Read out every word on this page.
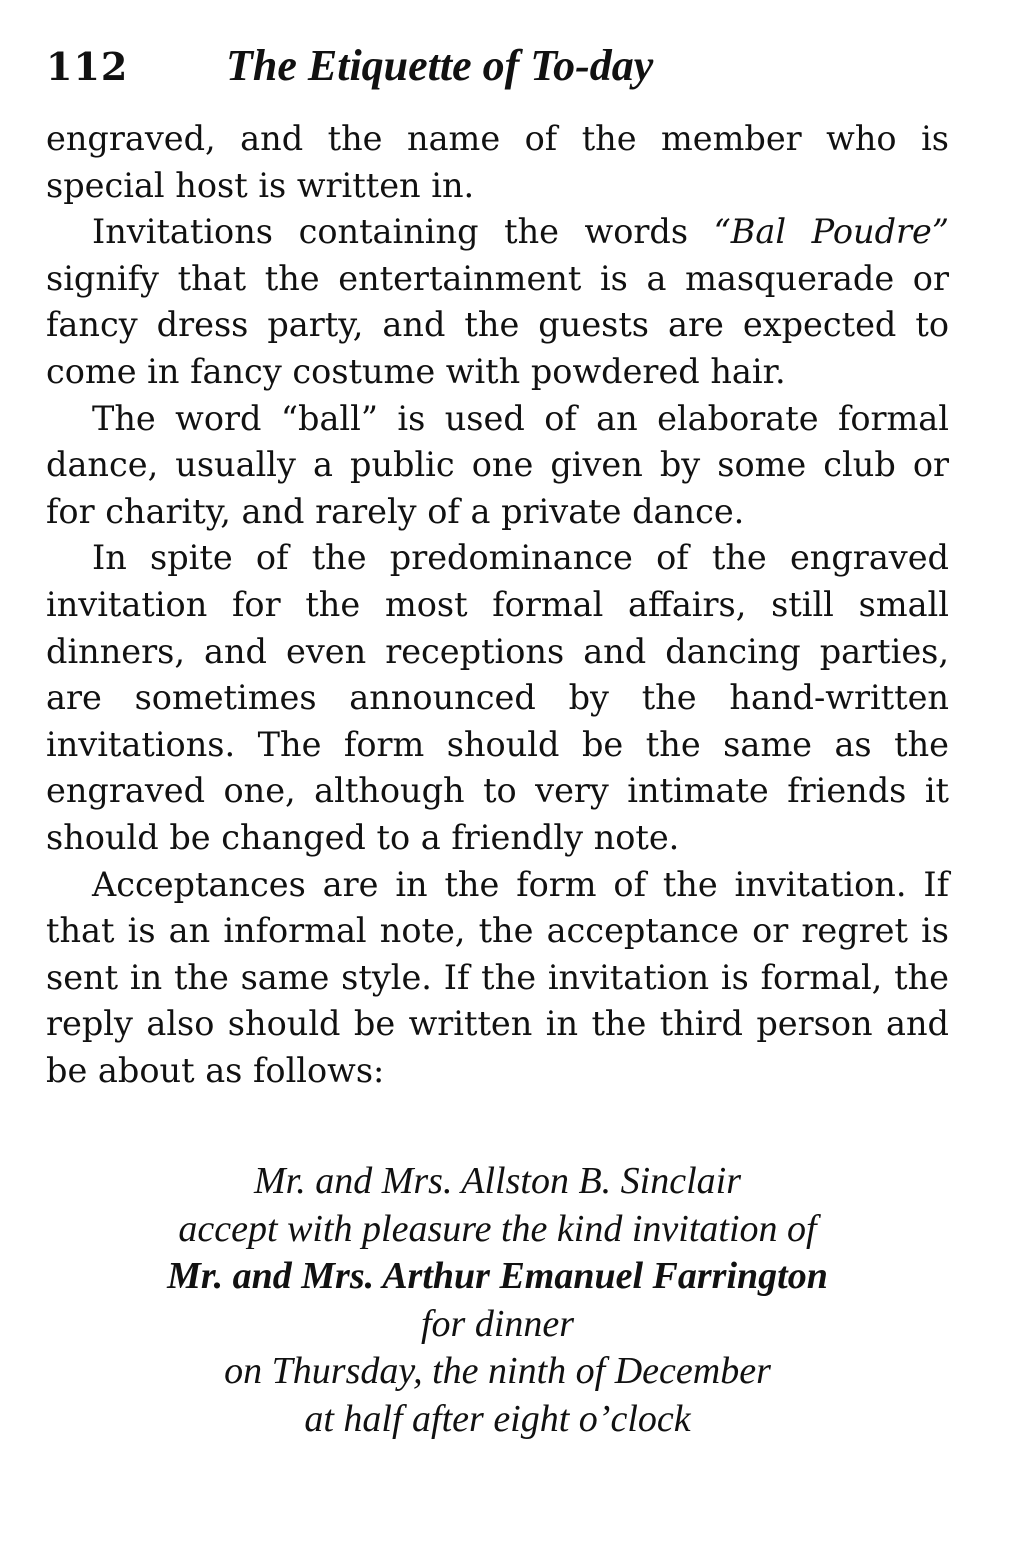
112	The Etiquette of To-day

engraved, and the name of the member who is special host is written in.

Invitations containing the words “Bal Poudre” signify that the entertainment is a masquerade or fancy dress party, and the guests are expected to come in fancy costume with powdered hair.

The word “ball” is used of an elaborate formal dance, usually a public one given by some club or for charity, and rarely of a private dance.

In spite of the predominance of the engraved invitation for the most formal affairs, still small dinners, and even receptions and dancing parties, are sometimes announced by the hand-written invitations. The form should be the same as the engraved one, although to very intimate friends it should be changed to a friendly note.

Acceptances are in the form of the invitation. If that is an informal note, the acceptance or regret is sent in the same style. If the invitation is formal, the reply also should be written in the third person and be about as follows:

Mr. and Mrs. Allston B. Sinclair
accept with pleasure the kind invitation of
Mr. and Mrs. Arthur Emanuel Farrington
for dinner
on Thursday, the ninth of December
at half after eight o’clock
